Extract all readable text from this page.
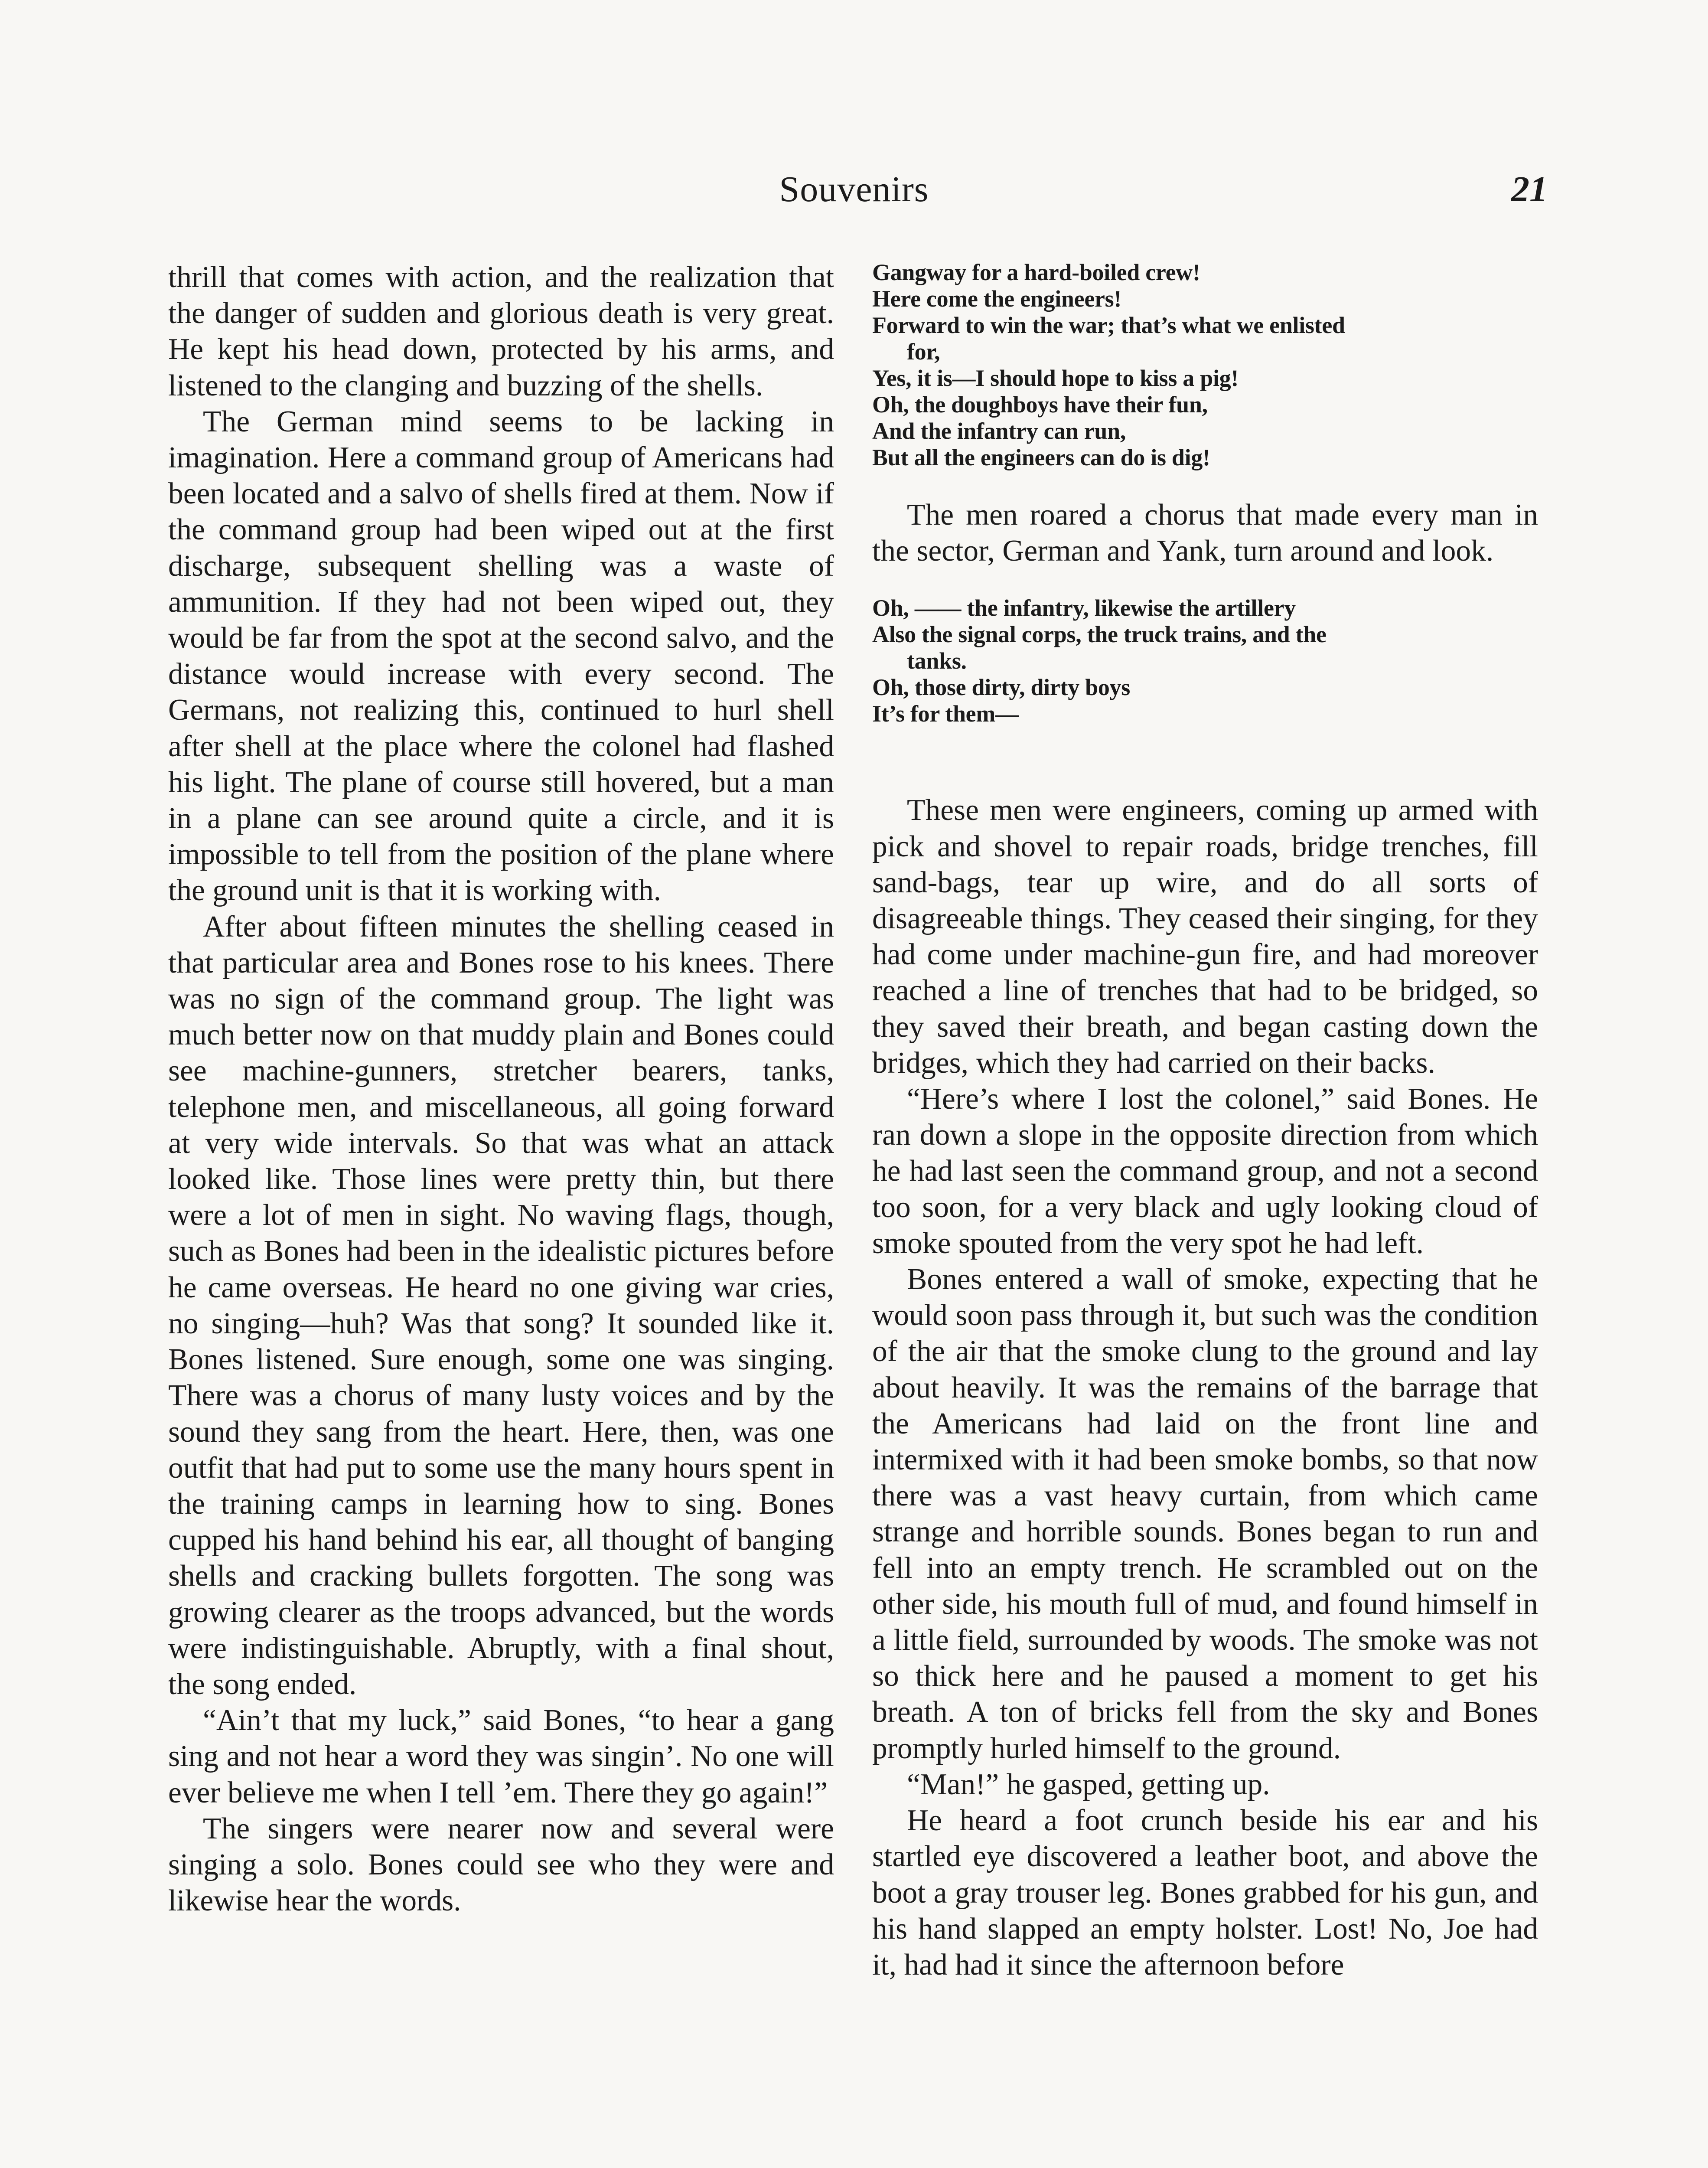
Souvenirs	21

thrill that comes with action, and the realization that the danger of sudden and glorious death is very great. He kept his head down, protected by his arms, and listened to the clanging and buzzing of the shells.

The German mind seems to be lacking in imagination. Here a command group of Americans had been located and a salvo of shells fired at them. Now if the command group had been wiped out at the first discharge, subsequent shelling was a waste of ammunition. If they had not been wiped out, they would be far from the spot at the second salvo, and the distance would increase with every second. The Germans, not realizing this, continued to hurl shell after shell at the place where the colonel had flashed his light. The plane of course still hovered, but a man in a plane can see around quite a circle, and it is impossible to tell from the position of the plane where the ground unit is that it is working with.

After about fifteen minutes the shelling ceased in that particular area and Bones rose to his knees. There was no sign of the command group. The light was much better now on that muddy plain and Bones could see machine-gunners, stretcher bearers, tanks, telephone men, and miscellaneous, all going forward at very wide intervals. So that was what an attack looked like. Those lines were pretty thin, but there were a lot of men in sight. No waving flags, though, such as Bones had been in the idealistic pictures before he came overseas. He heard no one giving war cries, no singing—huh? Was that song? It sounded like it. Bones listened. Sure enough, some one was singing. There was a chorus of many lusty voices and by the sound they sang from the heart. Here, then, was one outfit that had put to some use the many hours spent in the training camps in learning how to sing. Bones cupped his hand behind his ear, all thought of banging shells and cracking bullets forgotten. The song was growing clearer as the troops advanced, but the words were indistinguishable. Abruptly, with a final shout, the song ended.

“Ain’t that my luck,” said Bones, “to hear a gang sing and not hear a word they was singin’. No one will ever believe me when I tell ’em. There they go again!”

The singers were nearer now and several were singing a solo. Bones could see who they were and likewise hear the words.

Gangway for a hard-boiled crew!
Here come the engineers!
Forward to win the war; that’s what we enlisted
for,
Yes, it is—I should hope to kiss a pig!
Oh, the doughboys have their fun,
And the infantry can run,
But all the engineers can do is dig!

The men roared a chorus that made every man in the sector, German and Yank, turn around and look.

Oh, —— the infantry, likewise the artillery
Also the signal corps, the truck trains, and the
tanks.
Oh, those dirty, dirty boys
It’s for them—

These men were engineers, coming up armed with pick and shovel to repair roads, bridge trenches, fill sand-bags, tear up wire, and do all sorts of disagreeable things. They ceased their singing, for they had come under machine-gun fire, and had moreover reached a line of trenches that had to be bridged, so they saved their breath, and began casting down the bridges, which they had carried on their backs.

“Here’s where I lost the colonel,” said Bones. He ran down a slope in the opposite direction from which he had last seen the command group, and not a second too soon, for a very black and ugly looking cloud of smoke spouted from the very spot he had left.

Bones entered a wall of smoke, expecting that he would soon pass through it, but such was the condition of the air that the smoke clung to the ground and lay about heavily. It was the remains of the barrage that the Americans had laid on the front line and intermixed with it had been smoke bombs, so that now there was a vast heavy curtain, from which came strange and horrible sounds. Bones began to run and fell into an empty trench. He scrambled out on the other side, his mouth full of mud, and found himself in a little field, surrounded by woods. The smoke was not so thick here and he paused a moment to get his breath. A ton of bricks fell from the sky and Bones promptly hurled himself to the ground.

“Man!” he gasped, getting up.

He heard a foot crunch beside his ear and his startled eye discovered a leather boot, and above the boot a gray trouser leg. Bones grabbed for his gun, and his hand slapped an empty holster. Lost! No, Joe had it, had had it since the afternoon before
